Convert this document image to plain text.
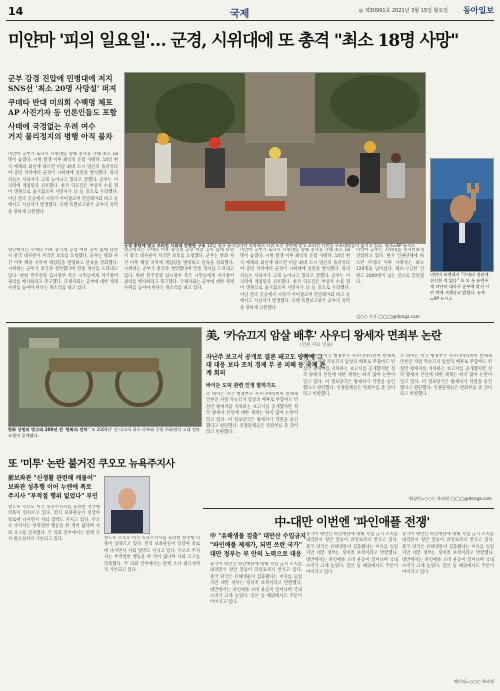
14	국제	◎ 제30991호 2021년 3월 15일 월요일 동아일보
미얀마 '피의 일요일'… 군경, 시위대에 또 총격 "최소 18명 사망"
군부 강경 진압에 민병대에 저지
SNS선 '최소 20명 사망설' 퍼져
쿠데타 반대 미의회 수백명 체포
AP 사진기자 등 언론인들도 포함
사태에 국경없는 우려 여수
거지 물리정지의 병행 아직 불차
미얀마 군부가 또다시 시위대를 향해 총격을 가해 최소 18명이 숨졌다. 시위 발생 이후 최악의 유혈 사태다. 14일 현지 매체와 외신에 따르면 이날 최대 도시 양곤의 흘라잉타야 공단 지역에서 군경이 시위대에 실탄을 발사했다. 목격자들은 사상자가 크게 늘어나고 있다고 전했다. 군부는 이 지역에 계엄령을 선포했다. 현지 의료진은 부상자 수십 명이 병원으로 옮겨졌으며 사망자가 더 늘 것으로 우려했다. 이날 전국 곳곳에서 시위가 이어졌으며 만달레이와 바고 등에서도 사상자가 발생했다. 유엔 특별보고관은 군부의 폭력을 강하게 규탄했다.
양곤에서는 쿠데타 이후 중국계 공장 여러 곳이 불에 타면서 중국 대사관이 자국민 보호를 요청했다. 군부는 방화 사건 이후 해당 지역에 계엄령을 발령하고 단속을 강화했다. 시위대는 군부가 중국과 결탁했다며 반중 정서를 드러내고 있다. 한편 민주진영 임시정부 측은 시민들에게 자기방어 권리를 행사하라고 촉구했다. 국제사회는 군부에 대한 제재 수위를 높여야 한다는 목소리를 내고 있다.
양곤에서는 쿠데타 이후 중국계 공장 여러 곳이 불에 타면서 중국 대사관이 자국민 보호를 요청했다. 군부는 방화 사건 이후 해당 지역에 계엄령을 발령하고 단속을 강화했다. 시위대는 군부가 중국과 결탁했다며 반중 정서를 드러내고 있다. 한편 민주진영 임시정부 측은 시민들에게 자기방어 권리를 행사하라고 촉구했다. 국제사회는 군부에 대한 제재 수위를 높여야 한다는 목소리를 내고 있다.
미얀마 군부가 또다시 시위대를 향해 총격을 가해 최소 18명이 숨졌다. 시위 발생 이후 최악의 유혈 사태다. 14일 현지 매체와 외신에 따르면 이날 최대 도시 양곤의 흘라잉타야 공단 지역에서 군경이 시위대에 실탄을 발사했다. 목격자들은 사상자가 크게 늘어나고 있다고 전했다. 군부는 이 지역에 계엄령을 선포했다. 현지 의료진은 부상자 수십 명이 병원으로 옮겨졌으며 사망자가 더 늘 것으로 우려했다. 이날 전국 곳곳에서 시위가 이어졌으며 만달레이와 바고 등에서도 사상자가 발생했다. 유엔 특별보고관은 군부의 폭력을 강하게 규탄했다.
미얀마 군부는 시위대를 무자비하게 진압하고 있다. 현지 인권단체에 따르면 쿠데타 이후 사망자는 최소 120명을 넘어섰다. 체포·구금된 인원도 2000명이 넘는 것으로 알려졌다.
군경 총탄에 맞고 쓰러진 시위대 간병한 구조 14일 양곤 흘라잉타야 지역에서 시위 도중 총탄에 맞고 쓰러진 시민을 구조대원들이 옮기고 있다. 양곤=AP 뉴시스
미얀마 유엔대사 "쿠데타 정권에 헌신한 적 없다" 초 모 툰 유엔주재 미얀마 대사가 군부에 맞서 시민 편에 서겠다고 밝혔다. 뉴욕=AP 뉴시스
김○○ 기자 ◯◯◯@donga.com
美, '카슈끄지 암살 배후' 사우디 왕세자 면죄부 논란
(언론 자료 인용)
자난주 보고서 공개로 결론 돼고도 양쪽에 그대 대응 보다 조치 경제 무 공 피해 등 국제 관계 회피
바이든 도덕 관련 인정 말하기도
조 바이든 미국 행정부가 사우디아라비아 반체제 언론인 자말 카슈끄지 암살의 배후로 무함마드 빈 살만 왕세자를 지목하는 보고서를 공개했지만 정작 왕세자 본인에 대한 제재는 하지 않아 논란이 일고 있다. 미 정보당국은 왕세자가 작전을 승인했다고 판단했다. 인권단체들은 면죄부를 준 것이라고 비판했다.
조 바이든 미국 행정부가 사우디아라비아 반체제 언론인 자말 카슈끄지 암살의 배후로 무함마드 빈 살만 왕세자를 지목하는 보고서를 공개했지만 정작 왕세자 본인에 대한 제재는 하지 않아 논란이 일고 있다. 미 정보당국은 왕세자가 작전을 승인했다고 판단했다. 인권단체들은 면죄부를 준 것이라고 비판했다.
조 바이든 미국 행정부가 사우디아라비아 반체제 언론인 자말 카슈끄지 암살의 배후로 무함마드 빈 살만 왕세자를 지목하는 보고서를 공개했지만 정작 왕세자 본인에 대한 제재는 하지 않아 논란이 일고 있다. 미 정보당국은 왕세자가 작전을 승인했다고 판단했다. 인권단체들은 면죄부를 준 것이라고 비판했다.
워싱턴=○○○ 특파원 ◯◯◯@donga.com
한화 상원의 방고와 200년 전 '판화의 전차' '조 2000년' 전 다코의 하수 마부와 중한 카화면의 고대 전차 모형이 공개됐다.
또 '미투' 논란 불거진 쿠오모 뉴욕주지사
前보좌관 "신생활 관련해 캐물어"
보좌관 성추행 이어 누엔에 폭로
주지사 "부적절 행위 없었다" 부인
앤드루 쿠오모 미국 뉴욕주지사를 둘러싼 성추행 의혹이 잇따르고 있다. 전직 보좌관들이 잇달아 폭로에 나서면서 사퇴 압박도 커지고 있다. 쿠오모 주지사는 부적절한 행동을 한 적이 없다며 사퇴 요구를 일축했다. 주 의회 일부에서는 탄핵 조사 필요성까지 거론되고 있다.	앤드루 쿠오모 미국 뉴욕주지사를 둘러싼 성추행 의혹이 잇따르고 있다. 전직 보좌관들이 잇달아 폭로에 나서면서 사퇴 압박도 커지고 있다. 쿠오모 주지사는 부적절한 행동을 한 적이 없다며 사퇴 요구를 일축했다. 주 의회 일부에서는 탄핵 조사 필요성까지 거론되고 있다.
中-대만 이번엔 '파인애플 전쟁'
中 "유해생물 검출" 대만산 수입금지
"파인애플 제재가, 되면 쓰란 국가"
대만 정부는 부 안의 노력으로 대응
중국이 대만산 파인애플에 대해 수입 금지 조치를 내리면서 양안 갈등이 과일로까지 번지고 있다. 중국 당국은 유해생물이 검출됐다는 이유를 들었지만 대만 정부는 정치적 보복이라고 반발했다. 대만에서는 파인애플 소비 운동이 일어나며 국내 소비가 크게 늘었다. 일본 등 해외에서도 주문이 이어지고 있다.
중국이 대만산 파인애플에 대해 수입 금지 조치를 내리면서 양안 갈등이 과일로까지 번지고 있다. 중국 당국은 유해생물이 검출됐다는 이유를 들었지만 대만 정부는 정치적 보복이라고 반발했다. 대만에서는 파인애플 소비 운동이 일어나며 국내 소비가 크게 늘었다. 일본 등 해외에서도 주문이 이어지고 있다.
중국이 대만산 파인애플에 대해 수입 금지 조치를 내리면서 양안 갈등이 과일로까지 번지고 있다. 중국 당국은 유해생물이 검출됐다는 이유를 들었지만 대만 정부는 정치적 보복이라고 반발했다. 대만에서는 파인애플 소비 운동이 일어나며 국내 소비가 크게 늘었다. 일본 등 해외에서도 주문이 이어지고 있다.
베이징=○○○ 특파원
